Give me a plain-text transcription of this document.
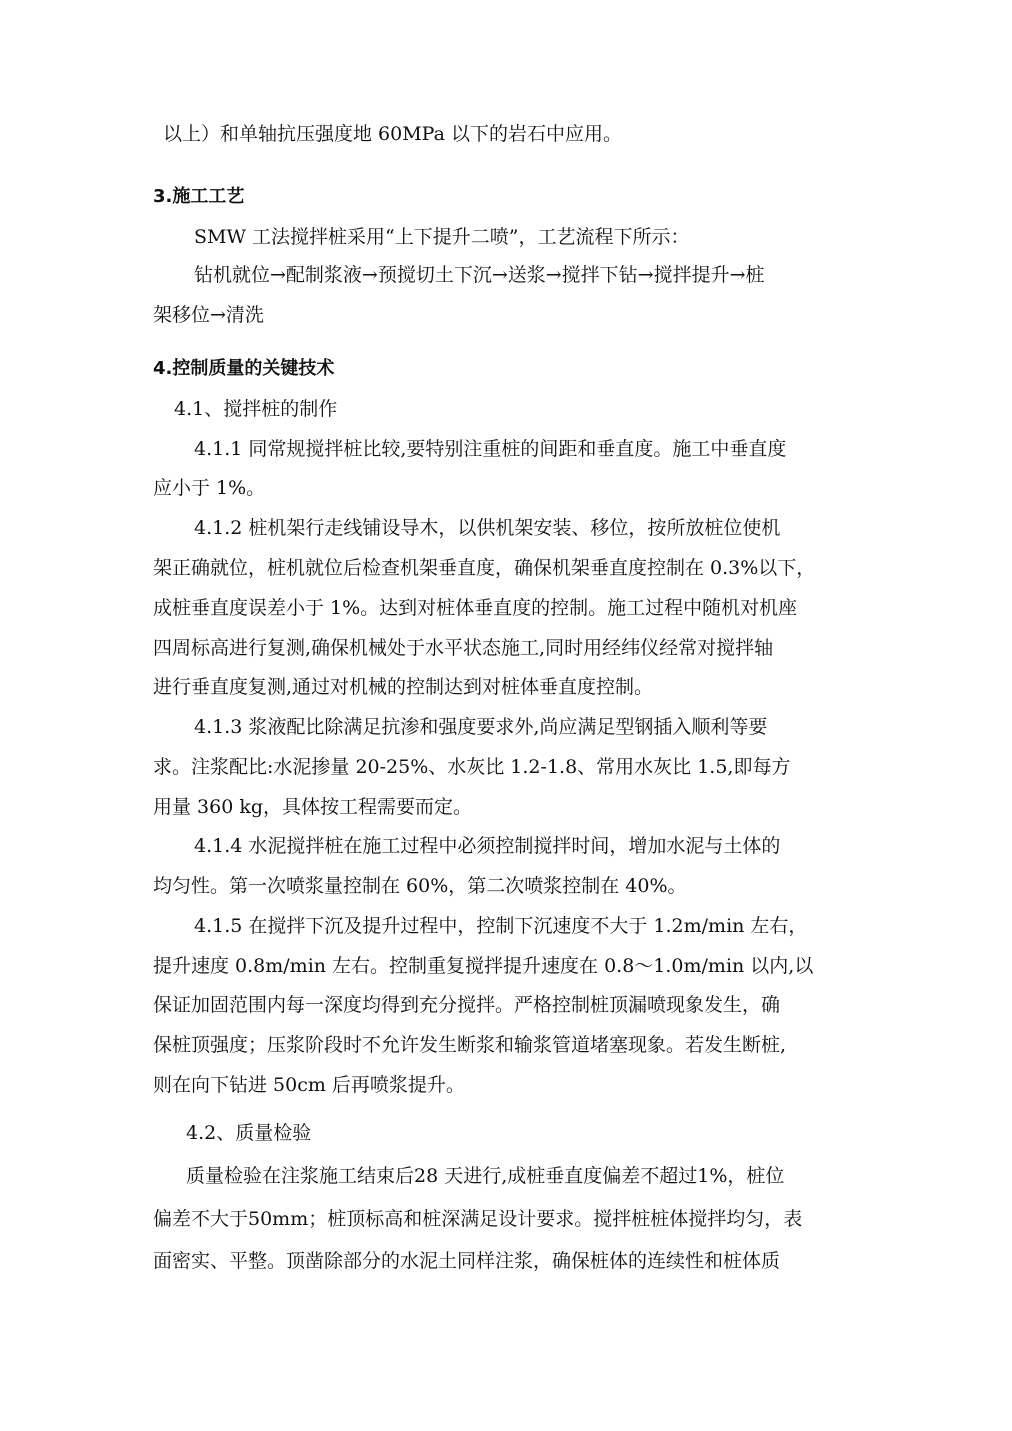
以上）和单轴抗压强度地 60MPa 以下的岩石中应用。
3.施工工艺
SMW 工法搅拌桩采用“上下提升二喷”，工艺流程下所示：
钻机就位→配制浆液→预搅切土下沉→送浆→搅拌下钻→搅拌提升→桩
架移位→清洗
4.控制质量的关键技术
4.1、搅拌桩的制作
4.1.1 同常规搅拌桩比较,要特别注重桩的间距和垂直度。施工中垂直度
应小于 1%。
4.1.2 桩机架行走线铺设导木，以供机架安装、移位，按所放桩位使机
架正确就位，桩机就位后检查机架垂直度，确保机架垂直度控制在 0.3%以下，
成桩垂直度误差小于 1%。达到对桩体垂直度的控制。施工过程中随机对机座
四周标高进行复测,确保机械处于水平状态施工,同时用经纬仪经常对搅拌轴
进行垂直度复测,通过对机械的控制达到对桩体垂直度控制。
4.1.3 浆液配比除满足抗渗和强度要求外,尚应满足型钢插入顺利等要
求。注浆配比:水泥掺量 20-25%、水灰比 1.2-1.8、常用水灰比 1.5,即每方
用量 360 kg，具体按工程需要而定。
4.1.4 水泥搅拌桩在施工过程中必须控制搅拌时间，增加水泥与土体的
均匀性。第一次喷浆量控制在 60%，第二次喷浆控制在 40%。
4.1.5 在搅拌下沉及提升过程中，控制下沉速度不大于 1.2m/min 左右，
提升速度 0.8m/min 左右。控制重复搅拌提升速度在 0.8～1.0m/min 以内,以
保证加固范围内每一深度均得到充分搅拌。严格控制桩顶漏喷现象发生，确
保桩顶强度；压浆阶段时不允许发生断浆和输浆管道堵塞现象。若发生断桩,
则在向下钻进 50cm 后再喷浆提升。
4.2、质量检验
质量检验在注浆施工结束后28 天进行,成桩垂直度偏差不超过1%，桩位
偏差不大于50mm；桩顶标高和桩深满足设计要求。搅拌桩桩体搅拌均匀，表
面密实、平整。顶凿除部分的水泥土同样注浆，确保桩体的连续性和桩体质
